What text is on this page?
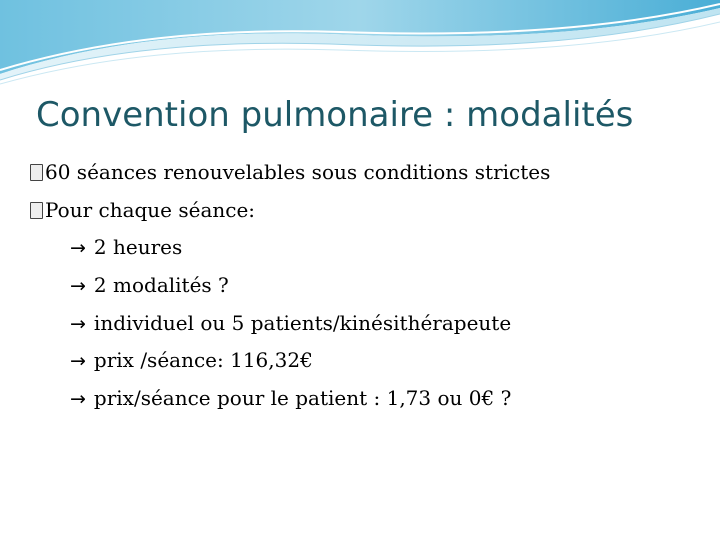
Convention pulmonaire : modalités
60 séances renouvelables sous conditions strictes
Pour chaque séance:
→ 2 heures
→ 2 modalités ?
→ individuel ou 5 patients/kinésithérapeute
→ prix /séance: 116,32€
→ prix/séance pour le patient : 1,73 ou 0€ ?
